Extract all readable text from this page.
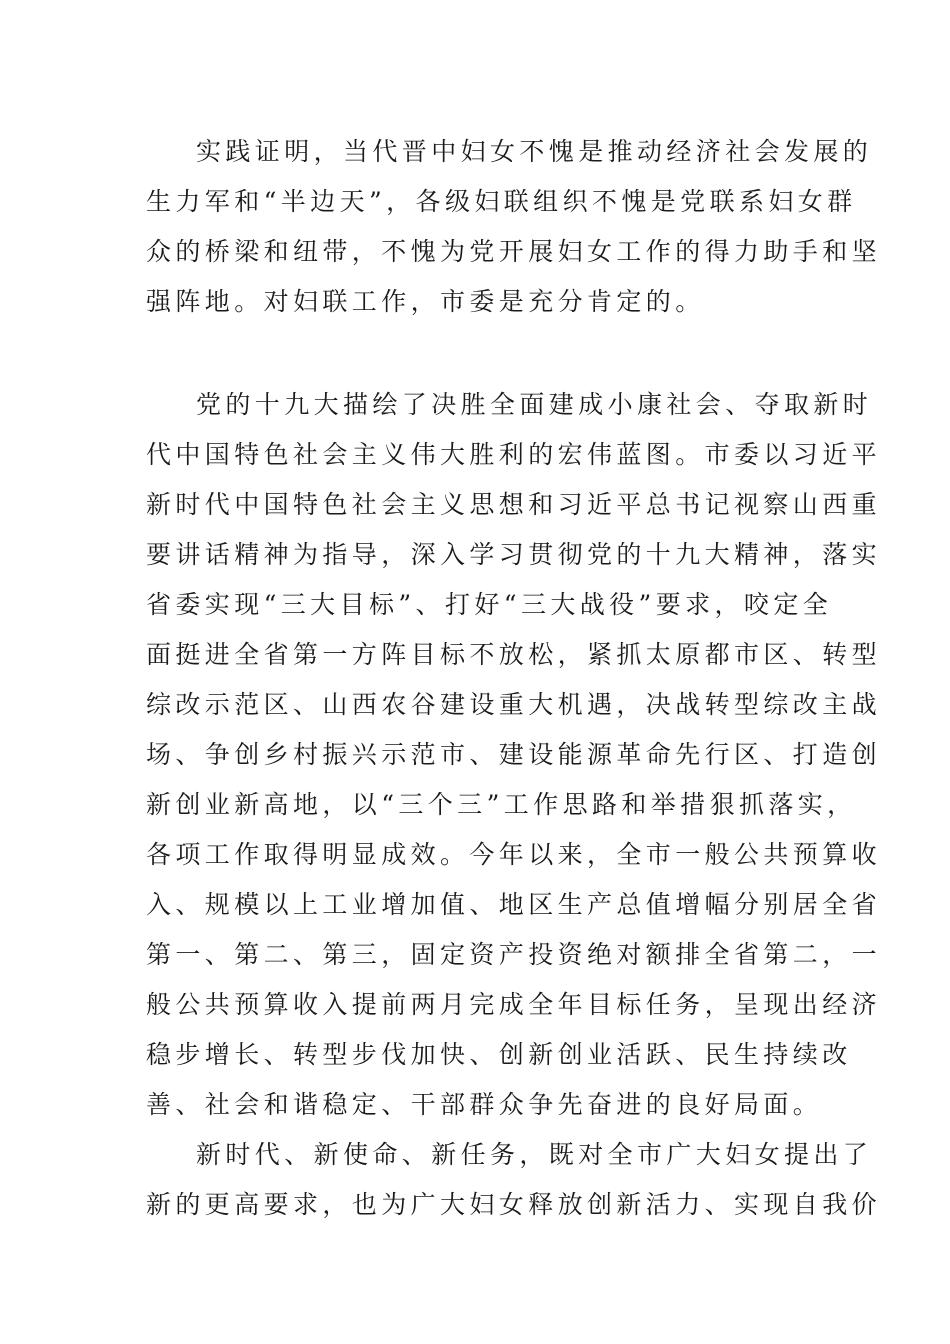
实践证明，当代晋中妇女不愧是推动经济社会发展的
生力军和“半边天”，各级妇联组织不愧是党联系妇女群
众的桥梁和纽带，不愧为党开展妇女工作的得力助手和坚
强阵地。对妇联工作，市委是充分肯定的。
党的十九大描绘了决胜全面建成小康社会、夺取新时
代中国特色社会主义伟大胜利的宏伟蓝图。市委以习近平
新时代中国特色社会主义思想和习近平总书记视察山西重
要讲话精神为指导，深入学习贯彻党的十九大精神，落实
省委实现“三大目标”、打好“三大战役”要求，咬定全
面挺进全省第一方阵目标不放松，紧抓太原都市区、转型
综改示范区、山西农谷建设重大机遇，决战转型综改主战
场、争创乡村振兴示范市、建设能源革命先行区、打造创
新创业新高地，以“三个三”工作思路和举措狠抓落实，
各项工作取得明显成效。今年以来，全市一般公共预算收
入、规模以上工业增加值、地区生产总值增幅分别居全省
第一、第二、第三，固定资产投资绝对额排全省第二，一
般公共预算收入提前两月完成全年目标任务，呈现出经济
稳步增长、转型步伐加快、创新创业活跃、民生持续改
善、社会和谐稳定、干部群众争先奋进的良好局面。
新时代、新使命、新任务，既对全市广大妇女提出了
新的更高要求，也为广大妇女释放创新活力、实现自我价
